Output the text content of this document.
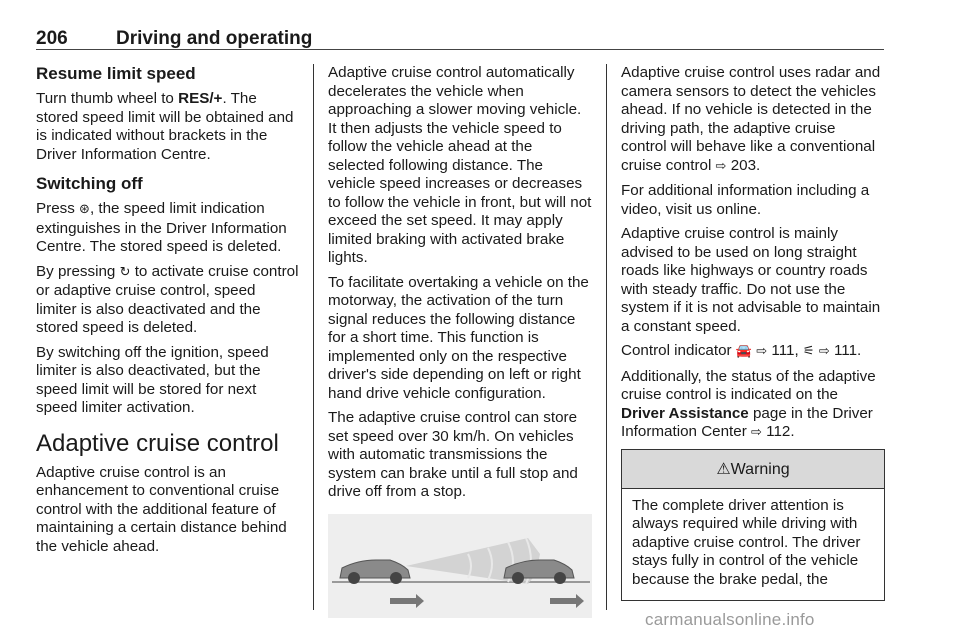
206	Driving and operating
Resume limit speed

Turn thumb wheel to RES/+. The stored speed limit will be obtained and is indicated without brackets in the Driver Information Centre.

Switching off

Press ⊛, the speed limit indication extinguishes in the Driver Information Centre. The stored speed is deleted.

By pressing ↻ to activate cruise control or adaptive cruise control, speed limiter is also deactivated and the stored speed is deleted.

By switching off the ignition, speed limiter is also deactivated, but the speed limit will be stored for next speed limiter activation.

Adaptive cruise control

Adaptive cruise control is an enhancement to conventional cruise control with the additional feature of maintaining a certain distance behind the vehicle ahead.

Adaptive cruise control automatically decelerates the vehicle when approaching a slower moving vehicle. It then adjusts the vehicle speed to follow the vehicle ahead at the selected following distance. The vehicle speed increases or decreases to follow the vehicle in front, but will not exceed the set speed. It may apply limited braking with activated brake lights.

To facilitate overtaking a vehicle on the motorway, the activation of the turn signal reduces the following distance for a short time. This function is implemented only on the respective driver's side depending on left or right hand drive vehicle configuration.

The adaptive cruise control can store set speed over 30 km/h. On vehicles with automatic transmissions the system can brake until a full stop and drive off from a stop.

Adaptive cruise control uses radar and camera sensors to detect the vehicles ahead. If no vehicle is detected in the driving path, the adaptive cruise control will behave like a conventional cruise control ⇨ 203.

For additional information including a video, visit us online.

Adaptive cruise control is mainly advised to be used on long straight roads like highways or country roads with steady traffic. Do not use the system if it is not advisable to maintain a constant speed.

Control indicator 🚘 ⇨ 111, ⚟ ⇨ 111.

Additionally, the status of the adaptive cruise control is indicated on the Driver Assistance page in the Driver Information Center ⇨ 112.

⚠Warning
The complete driver attention is always required while driving with adaptive cruise control. The driver stays fully in control of the vehicle because the brake pedal, the
carmanualsonline.info
